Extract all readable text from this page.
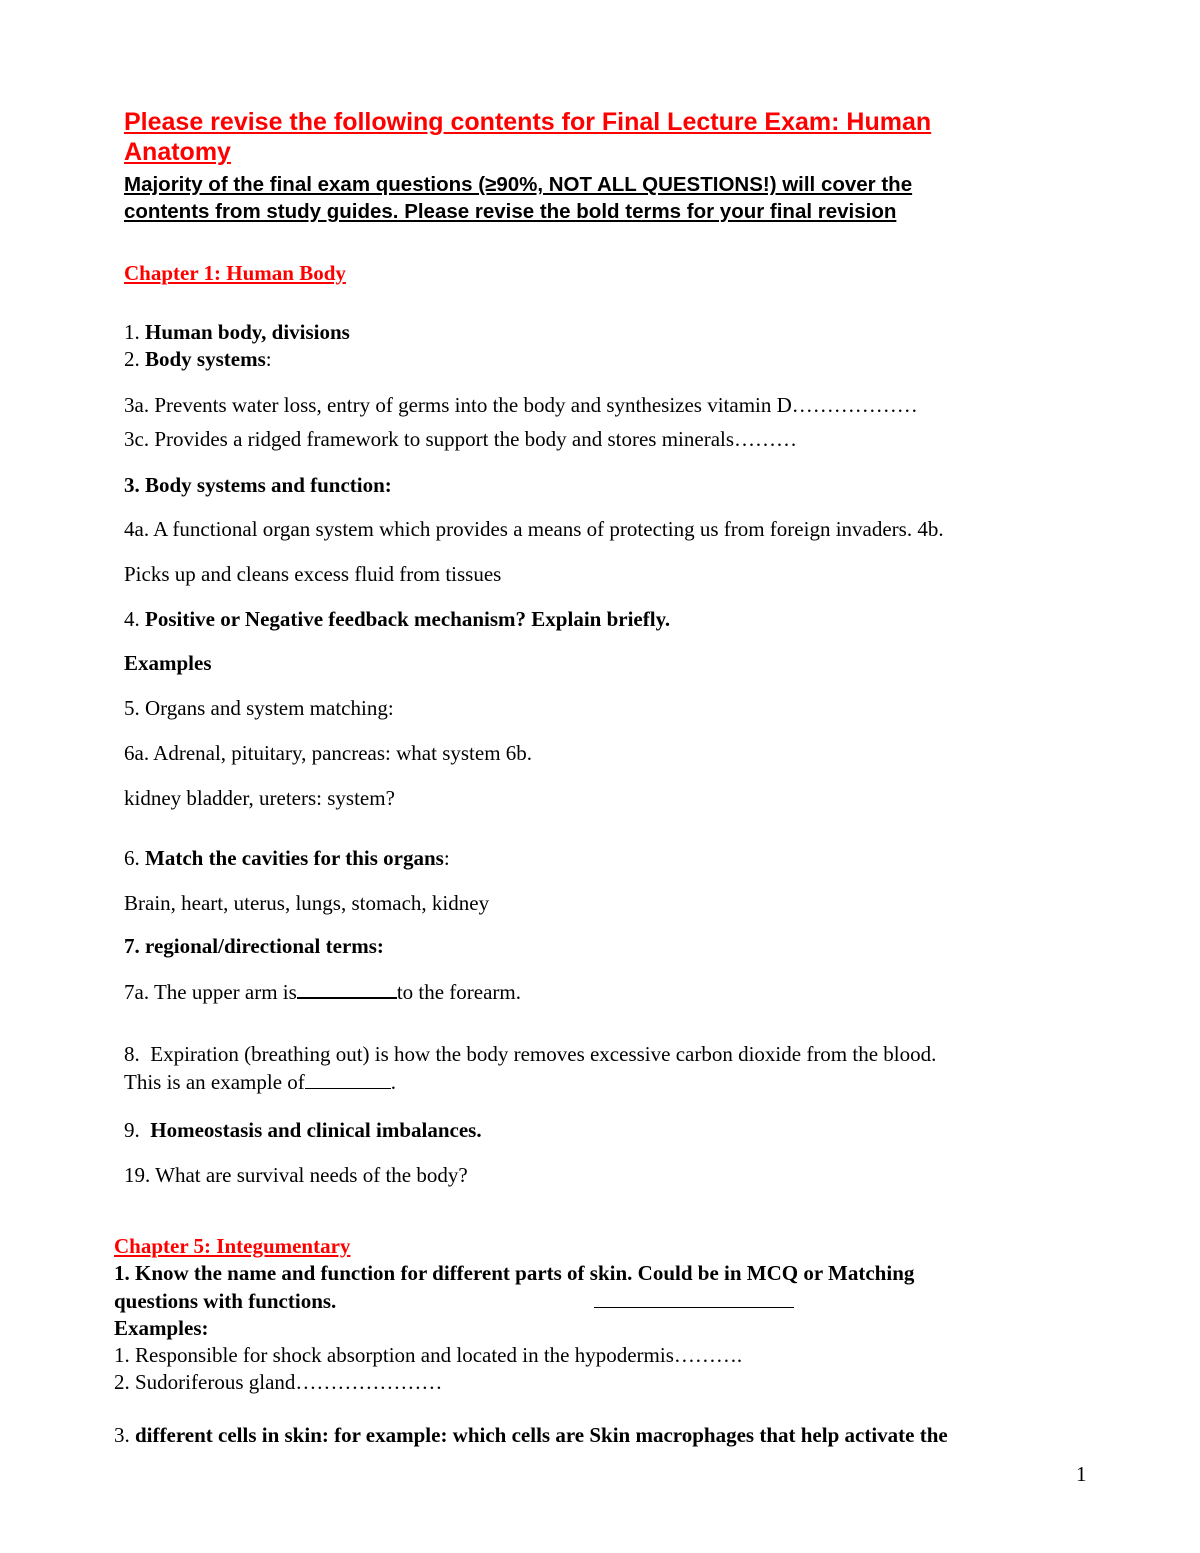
Please revise the following contents for Final Lecture Exam: Human
Anatomy
Majority of the final exam questions (≥90%, NOT ALL QUESTIONS!) will cover the
contents from study guides. Please revise the bold terms for your final revision
Chapter 1: Human Body
1. Human body, divisions
2. Body systems:
3a. Prevents water loss, entry of germs into the body and synthesizes vitamin D………………
3c. Provides a ridged framework to support the body and stores minerals………
3. Body systems and function:
4a. A functional organ system which provides a means of protecting us from foreign invaders. 4b.
Picks up and cleans excess fluid from tissues
4. Positive or Negative feedback mechanism? Explain briefly.
Examples
5. Organs and system matching:
6a. Adrenal, pituitary, pancreas: what system 6b.
kidney bladder, ureters: system?
6. Match the cavities for this organs:
Brain, heart, uterus, lungs, stomach, kidney
7. regional/directional terms:
7a. The upper arm is	to the forearm.
8. Expiration (breathing out) is how the body removes excessive carbon dioxide from the blood.
This is an example of	.
9. Homeostasis and clinical imbalances.
19. What are survival needs of the body?
Chapter 5: Integumentary
1. Know the name and function for different parts of skin. Could be in MCQ or Matching
questions with functions.
Examples:
1. Responsible for shock absorption and located in the hypodermis……….
2. Sudoriferous gland…………………
3. different cells in skin: for example: which cells are Skin macrophages that help activate the
1
